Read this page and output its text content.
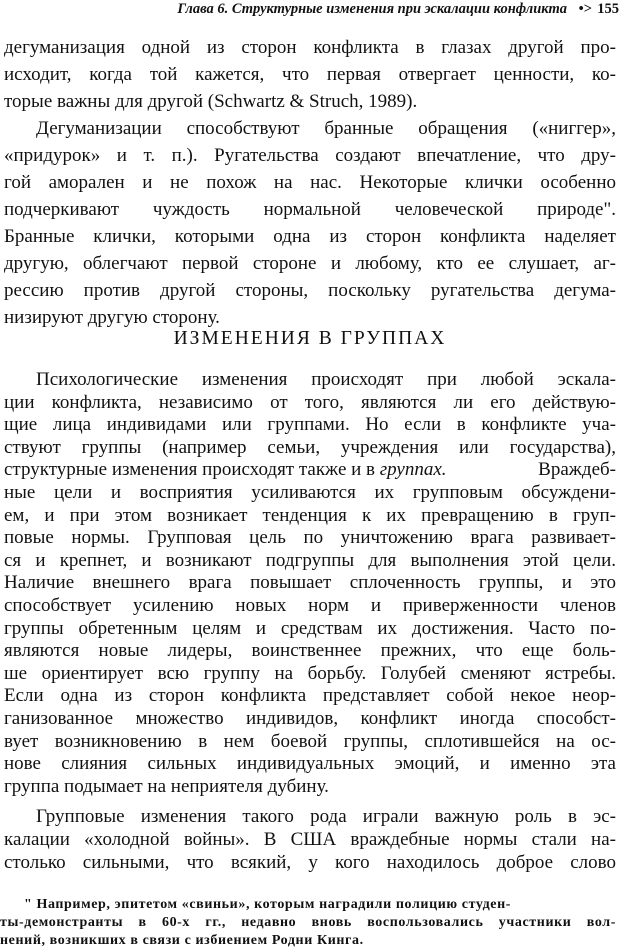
Глава 6. Структурные изменения при эскалации конфликта •> 155
дегуманизация одной из сторон конфликта в глазах другой про-
исходит, когда той кажется, что первая отвергает ценности, ко-
торые важны для другой (Schwartz & Struch, 1989).
Дегуманизации способствуют бранные обращения («ниггер»,
«придурок» и т. п.). Ругательства создают впечатление, что дру-
гой аморален и не похож на нас. Некоторые клички особенно
подчеркивают чуждость нормальной человеческой природе".
Бранные клички, которыми одна из сторон конфликта наделяет
другую, облегчают первой стороне и любому, кто ее слушает, аг-
рессию против другой стороны, поскольку ругательства дегума-
низируют другую сторону.
ИЗМЕНЕНИЯ В ГРУППАХ
Психологические изменения происходят при любой эскала-
ции конфликта, независимо от того, являются ли его действую-
щие лица индивидами или группами. Но если в конфликте уча-
ствуют группы (например семьи, учреждения или государства),
структурные изменения происходят также и в группах.	Враждеб-
ные цели и восприятия усиливаются их групповым обсуждени-
ем, и при этом возникает тенденция к их превращению в груп-
повые нормы. Групповая цель по уничтожению врага развивает-
ся и крепнет, и возникают подгруппы для выполнения этой цели.
Наличие внешнего врага повышает сплоченность группы, и это
способствует усилению новых норм и приверженности членов
группы обретенным целям и средствам их достижения. Часто по-
являются новые лидеры, воинственнее прежних, что еще боль-
ше ориентирует всю группу на борьбу. Голубей сменяют ястребы.
Если одна из сторон конфликта представляет собой некое неор-
ганизованное множество индивидов, конфликт иногда способст-
вует возникновению в нем боевой группы, сплотившейся на ос-
нове слияния сильных индивидуальных эмоций, и именно эта
группа подымает на неприятеля дубину.
Групповые изменения такого рода играли важную роль в эс-
калации «холодной войны». В США враждебные нормы стали на-
столько сильными, что всякий, у кого находилось доброе слово
" Например, эпитетом «свиньи», которым наградили полицию студен-
ты-демонстранты в 60-х гг., недавно вновь воспользовались участники вол-
нений, возникших в связи с избиением Родни Кинга.
